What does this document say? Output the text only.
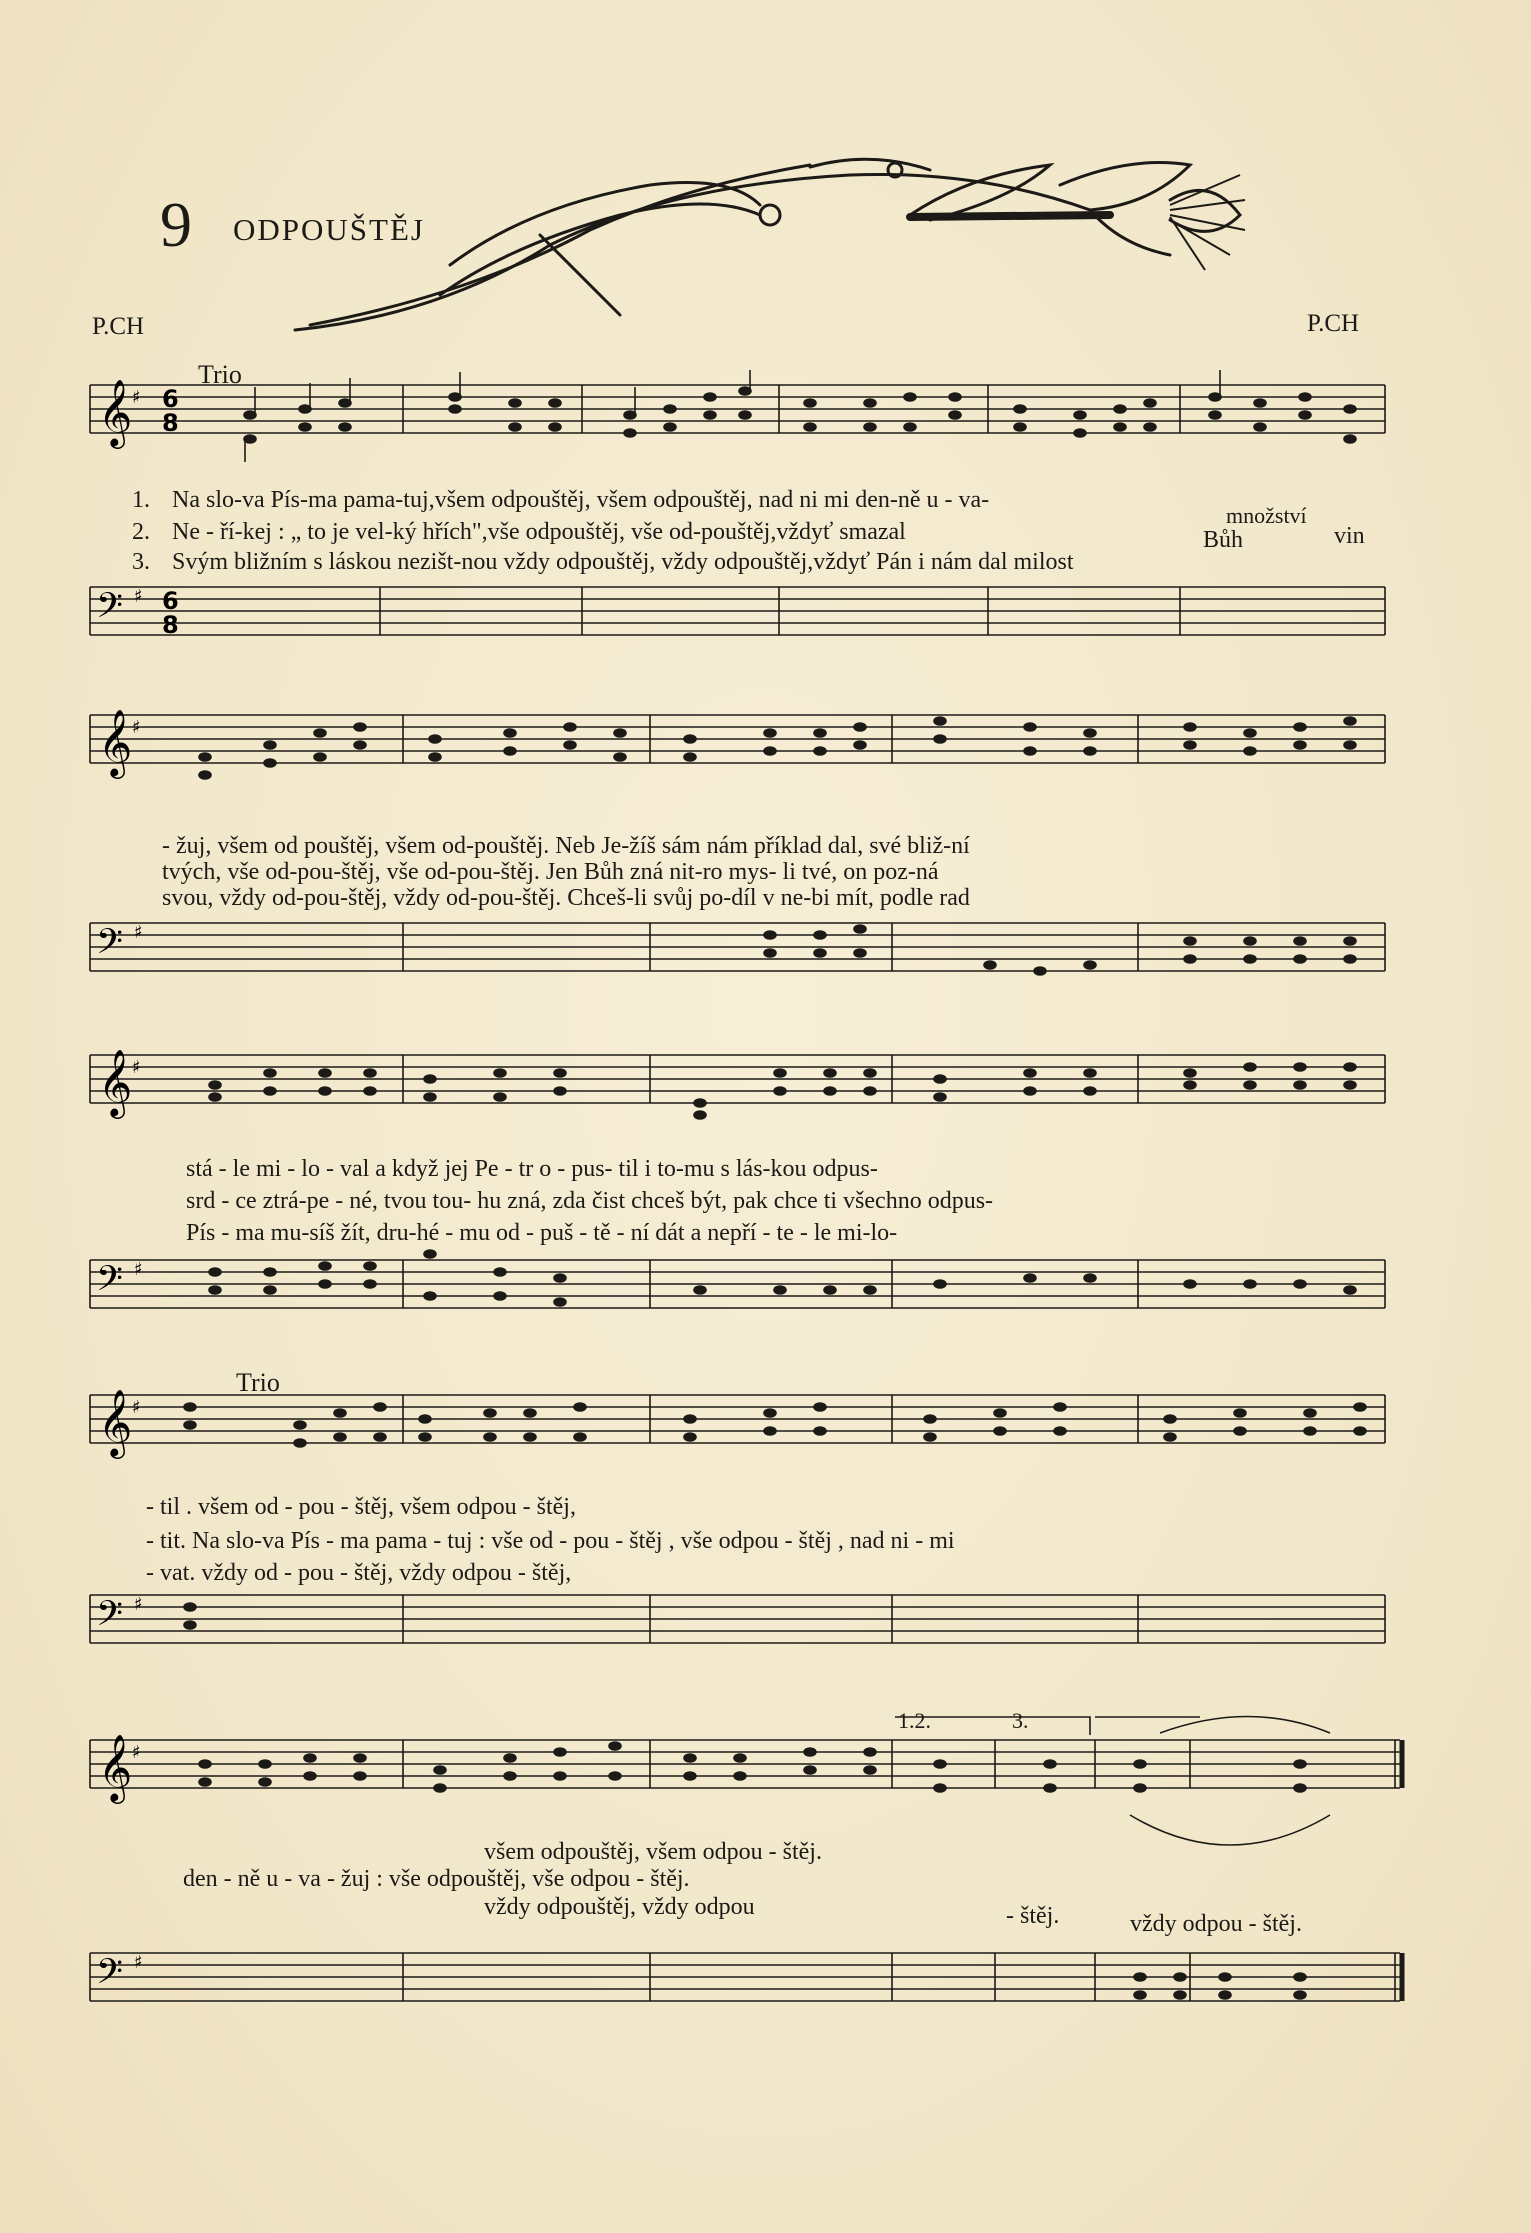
9 ODPOUŠTĚJ
P.CH	P.CH
Trio
𝄞 ♯ 6
8
1. Na slo-va Pís-ma pama-tuj,všem odpouštěj, všem odpouštěj, nad ni mi den-ně u - va-
2. Ne - ří-kej : „ to je vel-ký hřích",vše odpouštěj, vše od-pouštěj,vždyť smazal
množství
Bůh	vin
3. Svým bližním s láskou nezišt-nou vždy odpouštěj, vždy odpouštěj,vždyť Pán i nám dal milost
𝄢 ♯ 6
8
𝄞 ♯
- žuj, všem od pouštěj, všem od-pouštěj. Neb Je-žíš sám nám příklad dal, své bliž-ní
tvých, vše od-pou-štěj, vše od-pou-štěj. Jen Bůh zná nit-ro mys- li tvé, on poz-ná
svou, vždy od-pou-štěj, vždy od-pou-štěj. Chceš-li svůj po-díl v ne-bi mít, podle rad
𝄢 ♯
𝄞 ♯
stá - le mi - lo - val a když jej Pe - tr o - pus- til i to-mu s lás-kou odpus-
srd - ce ztrá-pe - né, tvou tou- hu zná, zda čist chceš být, pak chce ti všechno odpus-
Pís - ma mu-síš žít, dru-hé - mu od - puš - tě - ní dát a nepří - te - le mi-lo-
𝄢 ♯
Trio
𝄞 ♯
- til . všem od - pou - štěj, všem odpou - štěj,
- tit. Na slo-va Pís - ma pama - tuj : vše od - pou - štěj , vše odpou - štěj , nad ni - mi
- vat. vždy od - pou - štěj, vždy odpou - štěj,
𝄢 ♯
1.2.	3.
𝄞 ♯
všem odpouštěj, všem odpou - štěj.
den - ně u - va - žuj : vše odpouštěj, vše odpou - štěj.
vždy odpouštěj, vždy odpou	- štěj.	vždy odpou - štěj.
𝄢 ♯
